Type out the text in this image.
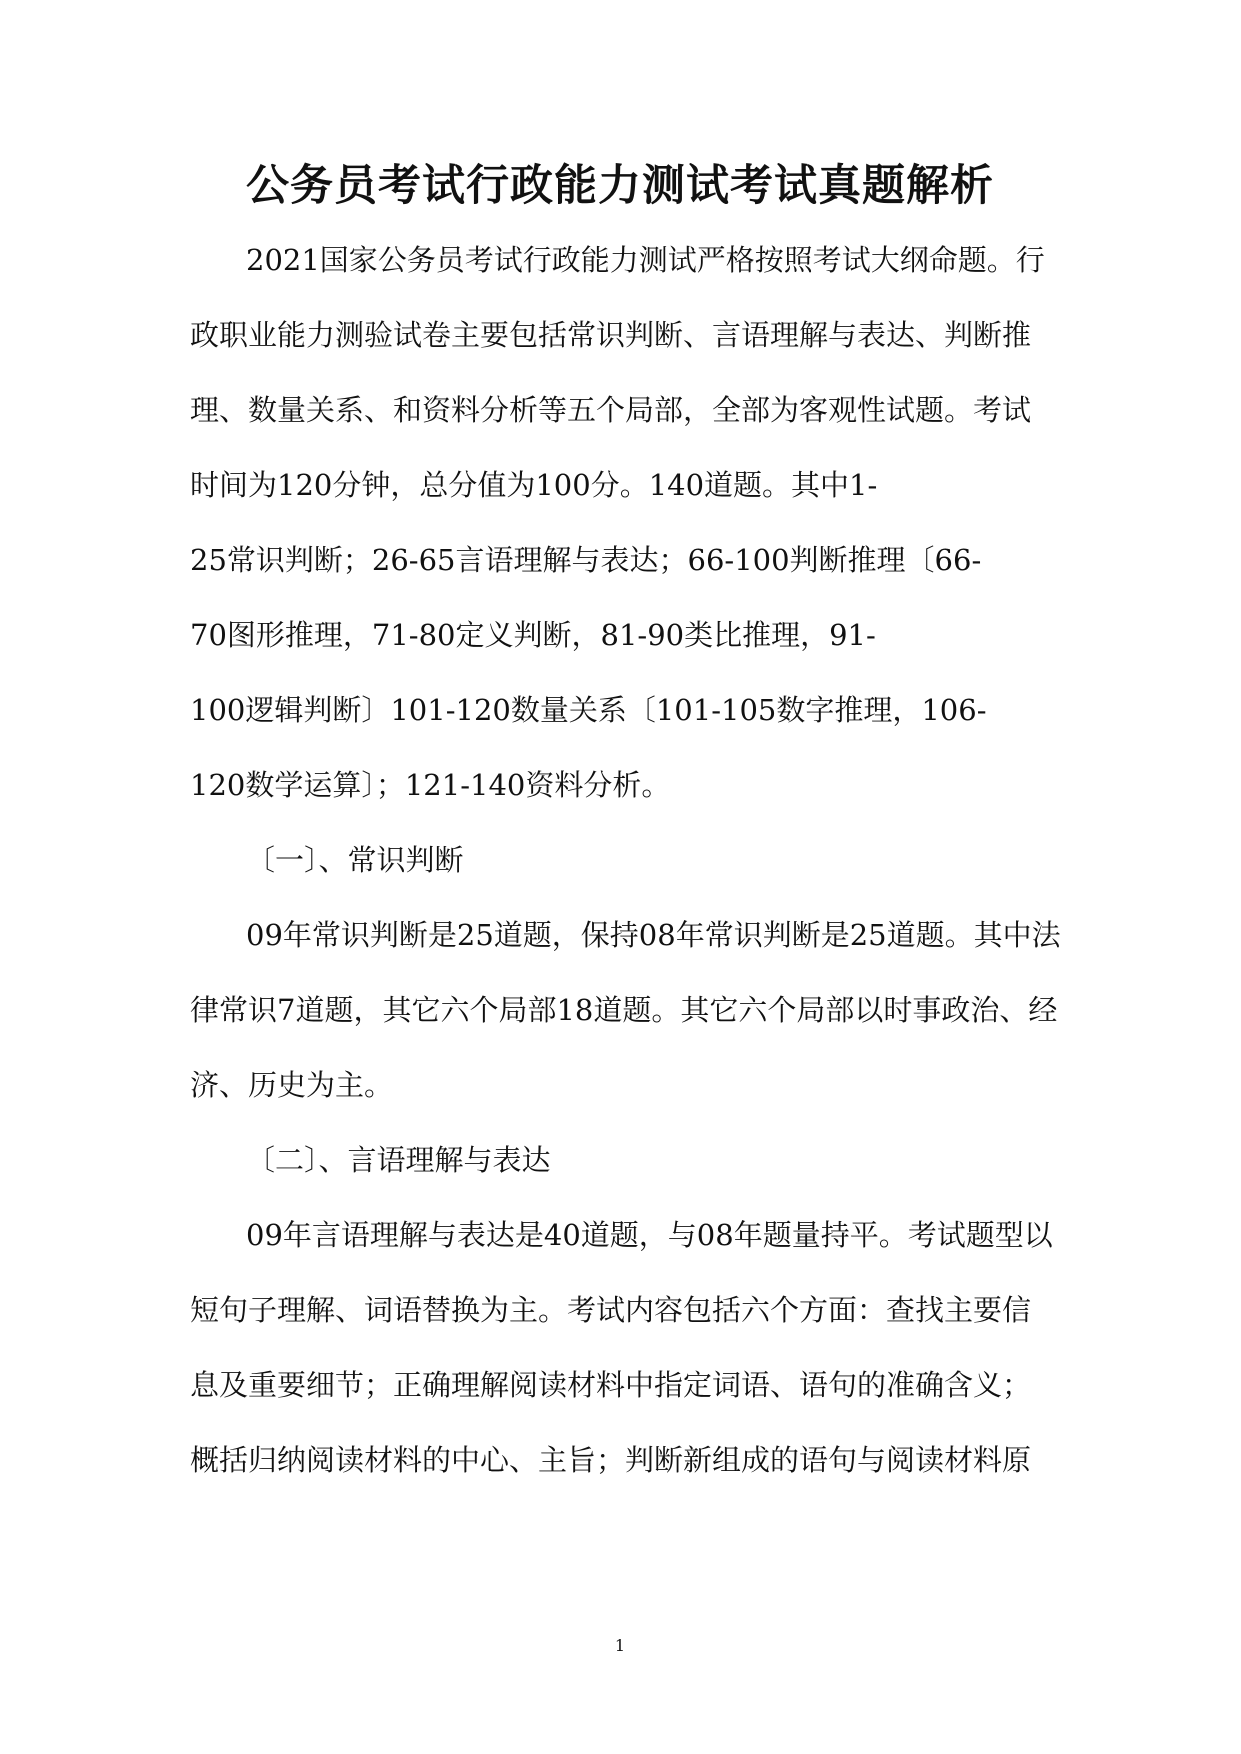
公务员考试行政能力测试考试真题解析

2021国家公务员考试行政能力测试严格按照考试大纲命题。行

政职业能力测验试卷主要包括常识判断、言语理解与表达、判断推

理、数量关系、和资料分析等五个局部，全部为客观性试题。考试

时间为120分钟，总分值为100分。140道题。其中1-

25常识判断；26-65言语理解与表达；66-100判断推理〔66-

70图形推理，71-80定义判断，81-90类比推理，91-

100逻辑判断〕101-120数量关系〔101-105数字推理，106-

120数学运算〕；121-140资料分析。

〔一〕、常识判断

09年常识判断是25道题，保持08年常识判断是25道题。其中法

律常识7道题，其它六个局部18道题。其它六个局部以时事政治、经

济、历史为主。

〔二〕、言语理解与表达

09年言语理解与表达是40道题，与08年题量持平。考试题型以

短句子理解、词语替换为主。考试内容包括六个方面：查找主要信

息及重要细节；正确理解阅读材料中指定词语、语句的准确含义；

概括归纳阅读材料的中心、主旨；判断新组成的语句与阅读材料原

1
